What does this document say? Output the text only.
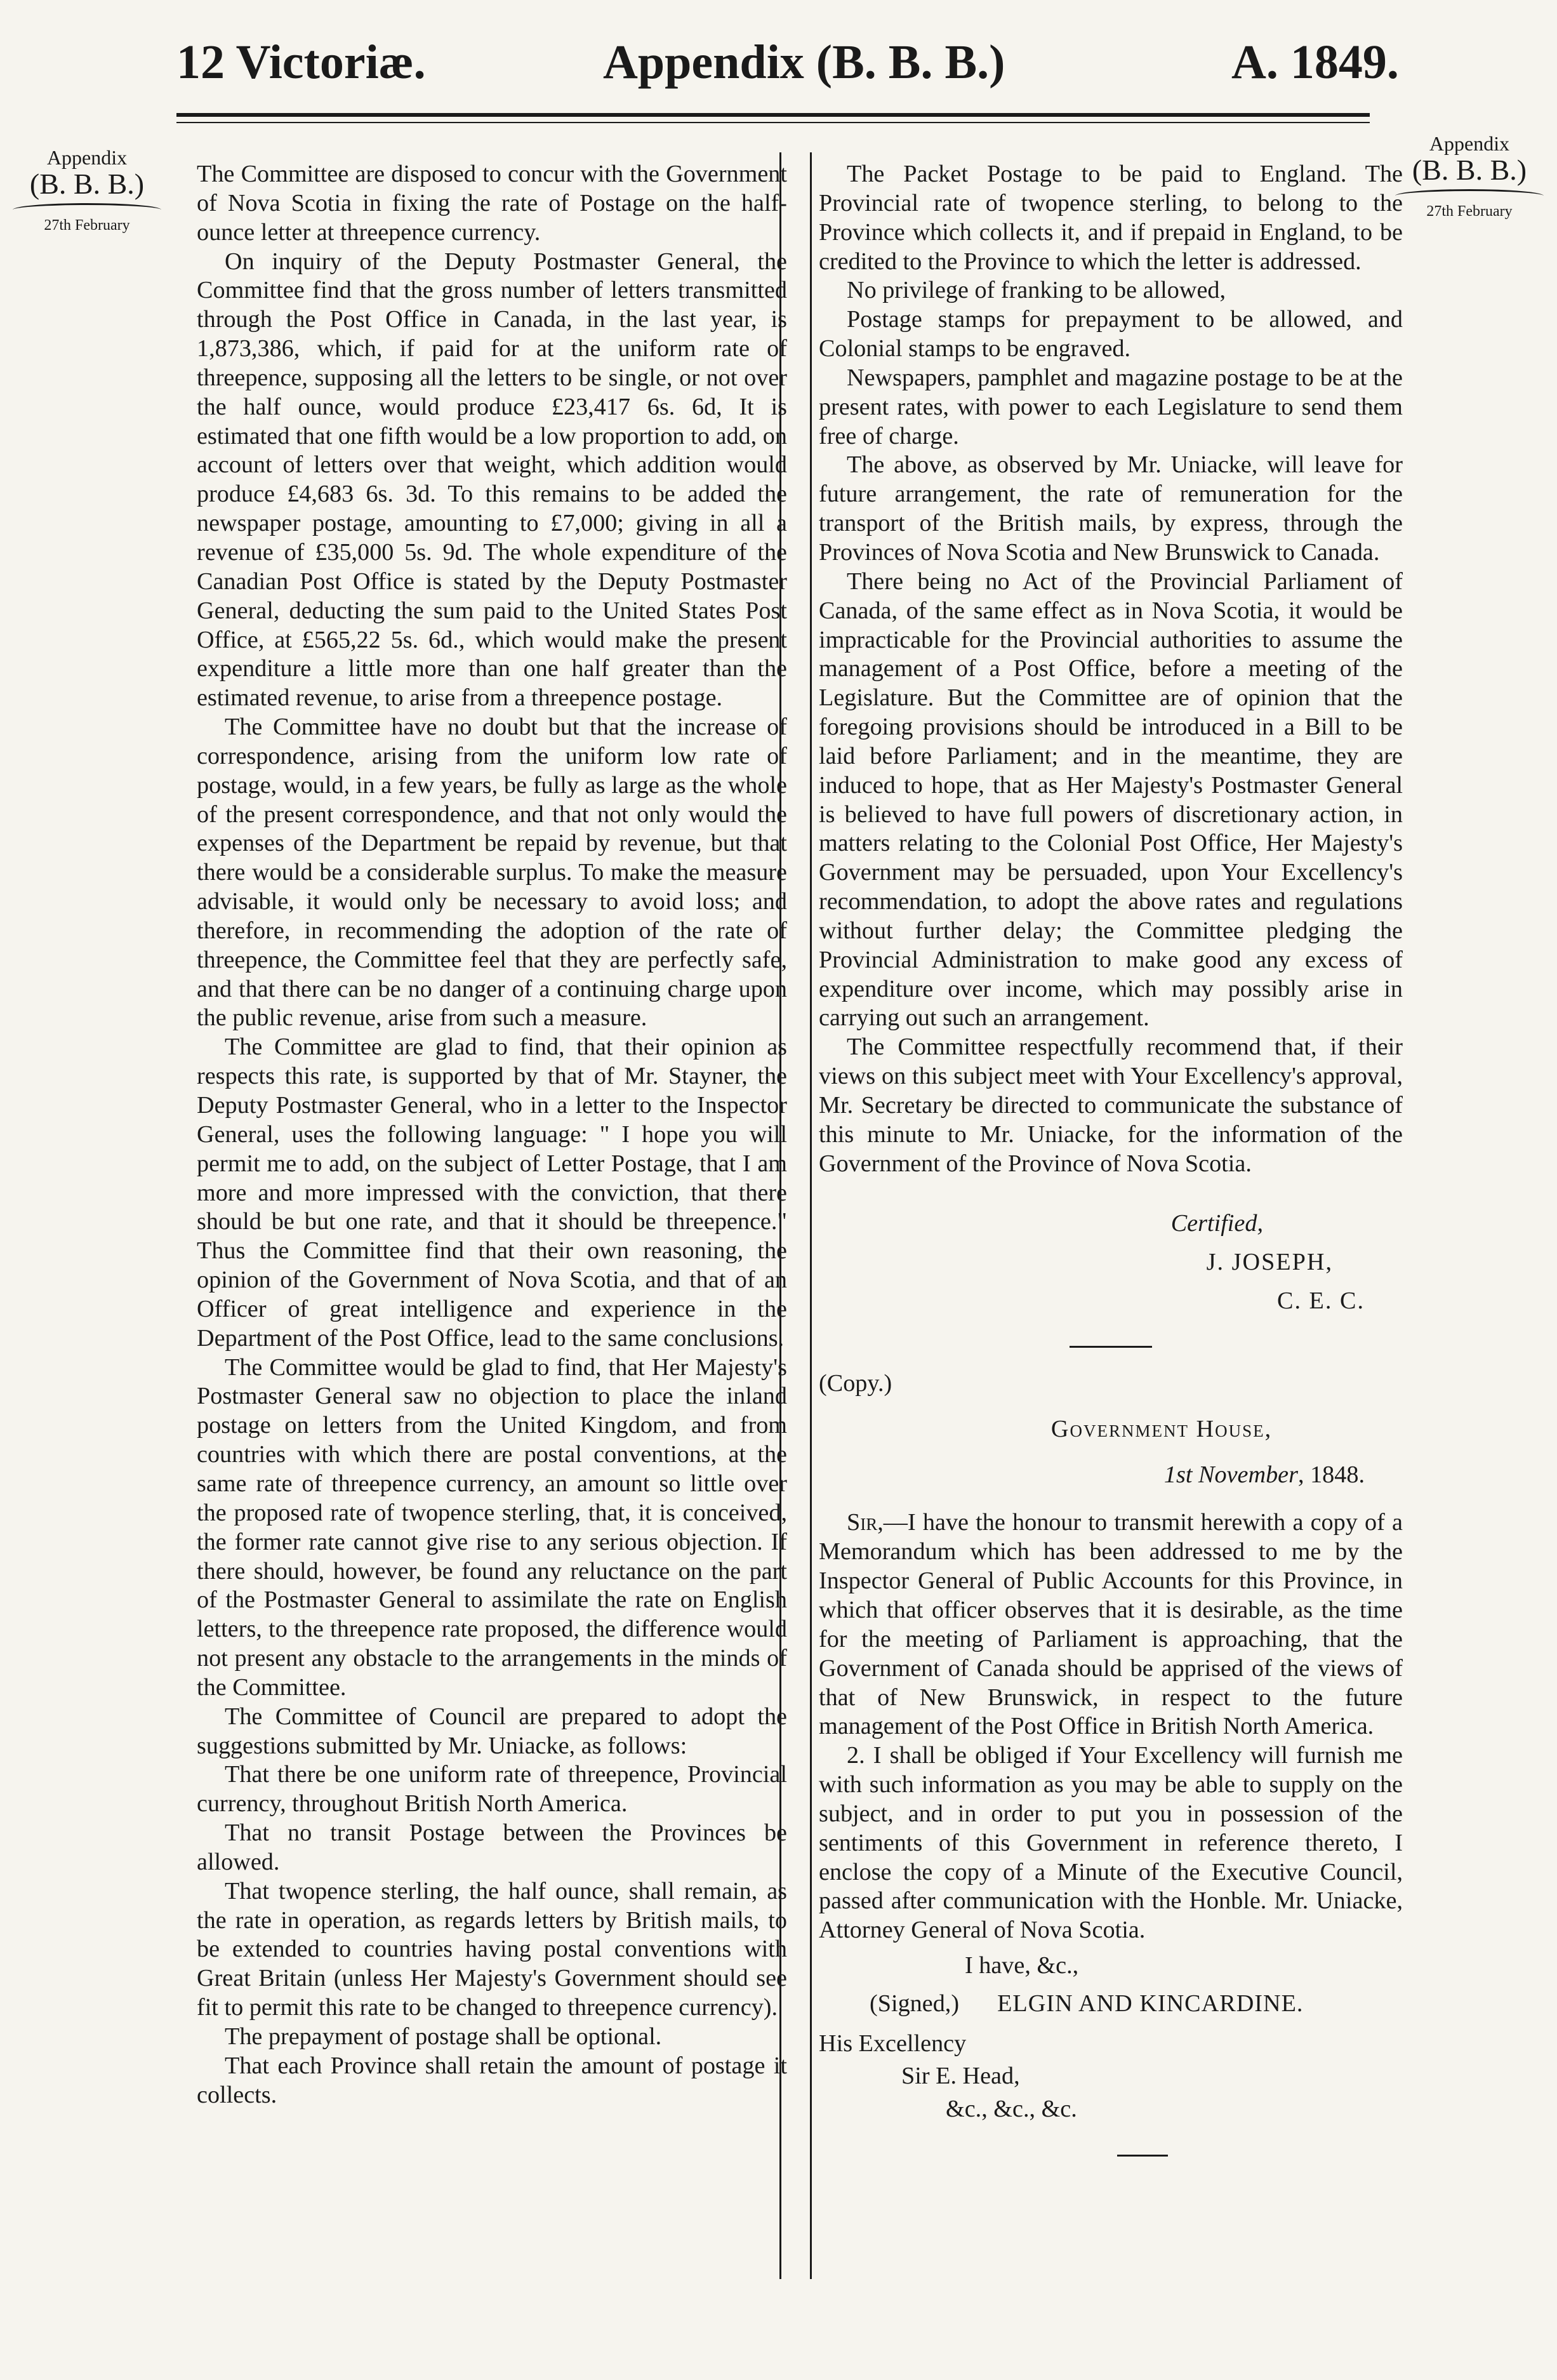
12 Victoriæ.	Appendix (B. B. B.)	A. 1849.
Appendix
(B. B. B.)
27th February
Appendix
(B. B. B.)
27th February

The Committee are disposed to concur with the Government of Nova Scotia in fixing the rate of Postage on the half-ounce letter at threepence currency.

On inquiry of the Deputy Postmaster General, the Committee find that the gross number of letters transmitted through the Post Office in Canada, in the last year, is 1,873,386, which, if paid for at the uniform rate of threepence, supposing all the letters to be single, or not over the half ounce, would produce £23,417 6s. 6d, It is estimated that one fifth would be a low proportion to add, on account of letters over that weight, which addition would produce £4,683 6s. 3d. To this remains to be added the newspaper postage, amounting to £7,000; giving in all a revenue of £35,000 5s. 9d. The whole expenditure of the Canadian Post Office is stated by the Deputy Postmaster General, deducting the sum paid to the United States Post Office, at £565,22 5s. 6d., which would make the present expenditure a little more than one half greater than the estimated revenue, to arise from a threepence postage.

The Committee have no doubt but that the increase of correspondence, arising from the uniform low rate of postage, would, in a few years, be fully as large as the whole of the present correspondence, and that not only would the expenses of the Department be repaid by revenue, but that there would be a considerable surplus. To make the measure advisable, it would only be necessary to avoid loss; and therefore, in recommending the adoption of the rate of threepence, the Committee feel that they are perfectly safe, and that there can be no danger of a continuing charge upon the public revenue, arise from such a measure.

The Committee are glad to find, that their opinion as respects this rate, is supported by that of Mr. Stayner, the Deputy Postmaster General, who in a letter to the Inspector General, uses the following language: " I hope you will permit me to add, on the subject of Letter Postage, that I am more and more impressed with the conviction, that there should be but one rate, and that it should be threepence." Thus the Committee find that their own reasoning, the opinion of the Government of Nova Scotia, and that of an Officer of great intelligence and experience in the Department of the Post Office, lead to the same conclusions.

The Committee would be glad to find, that Her Majesty's Postmaster General saw no objection to place the inland postage on letters from the United Kingdom, and from countries with which there are postal conventions, at the same rate of threepence currency, an amount so little over the proposed rate of twopence sterling, that, it is conceived, the former rate cannot give rise to any serious objection. If there should, however, be found any reluctance on the part of the Postmaster General to assimilate the rate on English letters, to the threepence rate proposed, the difference would not present any obstacle to the arrangements in the minds of the Committee.

The Committee of Council are prepared to adopt the suggestions submitted by Mr. Uniacke, as follows:

That there be one uniform rate of threepence, Provincial currency, throughout British North America.

That no transit Postage between the Provinces be allowed.

That twopence sterling, the half ounce, shall remain, as the rate in operation, as regards letters by British mails, to be extended to countries having postal conventions with Great Britain (unless Her Majesty's Government should see fit to permit this rate to be changed to threepence currency).

The prepayment of postage shall be optional.

That each Province shall retain the amount of postage it collects.

The Packet Postage to be paid to England. The Provincial rate of twopence sterling, to belong to the Province which collects it, and if prepaid in England, to be credited to the Province to which the letter is addressed.

No privilege of franking to be allowed,

Postage stamps for prepayment to be allowed, and Colonial stamps to be engraved.

Newspapers, pamphlet and magazine postage to be at the present rates, with power to each Legislature to send them free of charge.

The above, as observed by Mr. Uniacke, will leave for future arrangement, the rate of remuneration for the transport of the British mails, by express, through the Provinces of Nova Scotia and New Brunswick to Canada.

There being no Act of the Provincial Parliament of Canada, of the same effect as in Nova Scotia, it would be impracticable for the Provincial authorities to assume the management of a Post Office, before a meeting of the Legislature. But the Committee are of opinion that the foregoing provisions should be introduced in a Bill to be laid before Parliament; and in the meantime, they are induced to hope, that as Her Majesty's Postmaster General is believed to have full powers of discretionary action, in matters relating to the Colonial Post Office, Her Majesty's Government may be persuaded, upon Your Excellency's recommendation, to adopt the above rates and regulations without further delay; the Committee pledging the Provincial Administration to make good any excess of expenditure over income, which may possibly arise in carrying out such an arrangement.

The Committee respectfully recommend that, if their views on this subject meet with Your Excellency's approval, Mr. Secretary be directed to communicate the substance of this minute to Mr. Uniacke, for the information of the Government of the Province of Nova Scotia.

Certified,
J. JOSEPH,
C. E. C.
(Copy.)
Government House,
1st November, 1848.

Sir,—I have the honour to transmit herewith a copy of a Memorandum which has been addressed to me by the Inspector General of Public Accounts for this Province, in which that officer observes that it is desirable, as the time for the meeting of Parliament is approaching, that the Government of Canada should be apprised of the views of that of New Brunswick, in respect to the future management of the Post Office in British North America.

2. I shall be obliged if Your Excellency will furnish me with such information as you may be able to supply on the subject, and in order to put you in possession of the sentiments of this Government in reference thereto, I enclose the copy of a Minute of the Executive Council, passed after communication with the Honble. Mr. Uniacke, Attorney General of Nova Scotia.

I have, &c.,
(Signed,) ELGIN AND KINCARDINE.
His Excellency
Sir E. Head,
&c., &c., &c.
